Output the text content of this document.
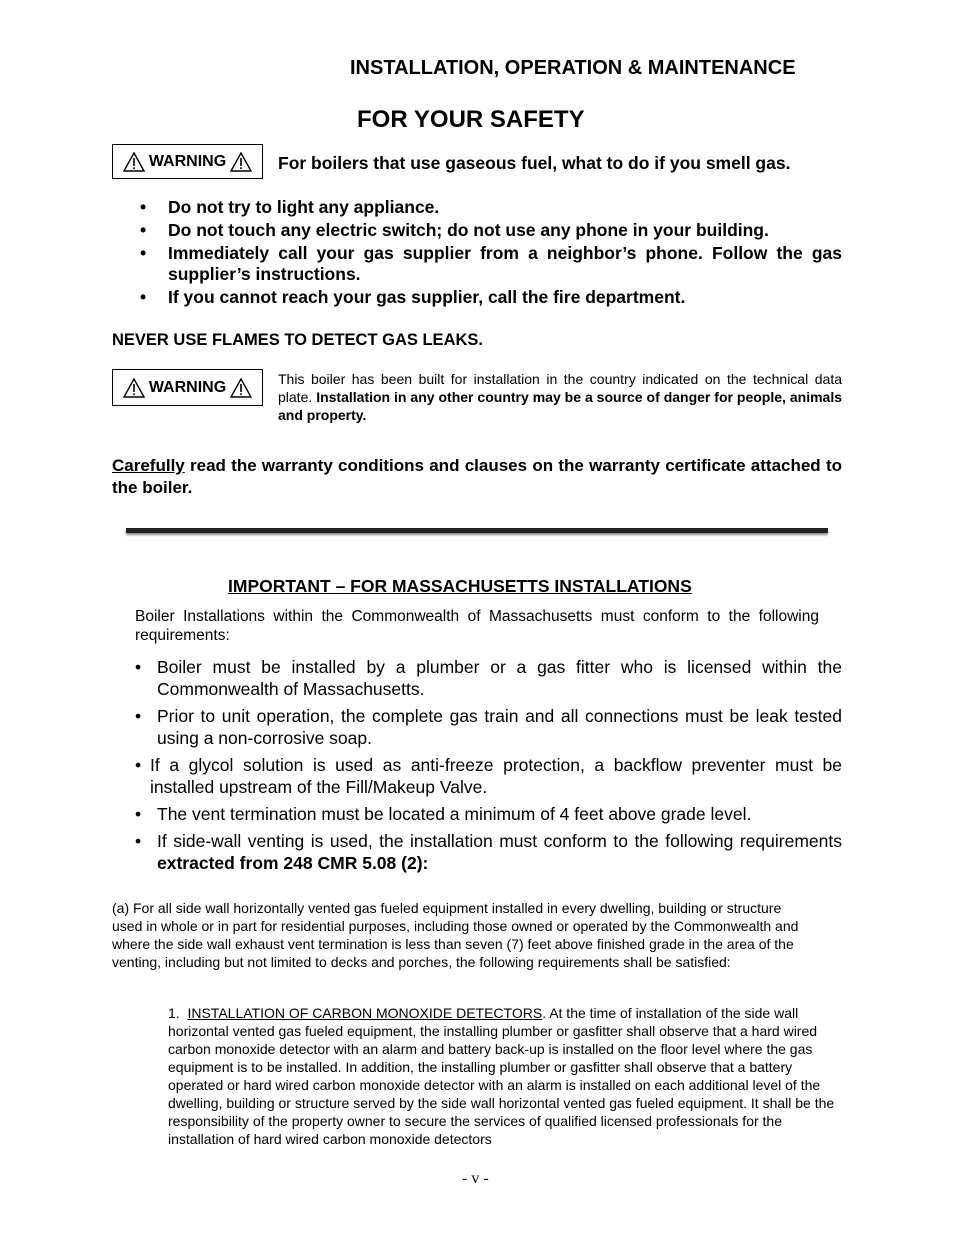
INSTALLATION, OPERATION & MAINTENANCE
FOR YOUR SAFETY
WARNING	For boilers that use gaseous fuel, what to do if you smell gas.
• Do not try to light any appliance.
• Do not touch any electric switch; do not use any phone in your building.
• Immediately call your gas supplier from a neighbor’s phone. Follow the gas supplier’s instructions.
• If you cannot reach your gas supplier, call the fire department.
NEVER USE FLAMES TO DETECT GAS LEAKS.
WARNING	This boiler has been built for installation in the country indicated on the technical data plate. Installation in any other country may be a source of danger for people, animals and property.
Carefully read the warranty conditions and clauses on the warranty certificate attached to the boiler.
IMPORTANT – FOR MASSACHUSETTS INSTALLATIONS
Boiler Installations within the Commonwealth of Massachusetts must conform to the following requirements:
• Boiler must be installed by a plumber or a gas fitter who is licensed within the Commonwealth of Massachusetts.
• Prior to unit operation, the complete gas train and all connections must be leak tested using a non-corrosive soap.
• If a glycol solution is used as anti-freeze protection, a backflow preventer must be installed upstream of the Fill/Makeup Valve.
• The vent termination must be located a minimum of 4 feet above grade level.
• If side-wall venting is used, the installation must conform to the following requirements extracted from 248 CMR 5.08 (2):
(a) For all side wall horizontally vented gas fueled equipment installed in every dwelling, building or structure used in whole or in part for residential purposes, including those owned or operated by the Commonwealth and where the side wall exhaust vent termination is less than seven (7) feet above finished grade in the area of the venting, including but not limited to decks and porches, the following requirements shall be satisfied:
1. INSTALLATION OF CARBON MONOXIDE DETECTORS. At the time of installation of the side wall horizontal vented gas fueled equipment, the installing plumber or gasfitter shall observe that a hard wired carbon monoxide detector with an alarm and battery back-up is installed on the floor level where the gas equipment is to be installed. In addition, the installing plumber or gasfitter shall observe that a battery operated or hard wired carbon monoxide detector with an alarm is installed on each additional level of the dwelling, building or structure served by the side wall horizontal vented gas fueled equipment. It shall be the responsibility of the property owner to secure the services of qualified licensed professionals for the installation of hard wired carbon monoxide detectors
- v -
